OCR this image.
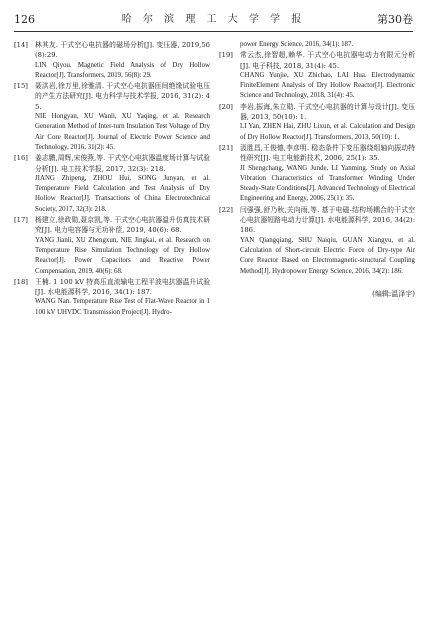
126	哈 尔 滨 理 工 大 学 学 报	第30卷
[14] 林其友. 干式空心电抗器的磁场分析[J]. 变压器, 2019,56(8):29.

LIN Qiyou. Magnetic Field Analysis of Dry Hollow Reactor[J]. Transformers, 2019, 56(8): 29.

[15] 聂洪岩,徐万里,徐雅清. 干式空心电抗器匝间绝缘试验电压的产生方法研究[J]. 电力科学与技术学报, 2016, 31(2): 45.

NIE Hongyan, XU Wanli, XU Yaqing, et al. Research Generation Method of Inter-turn Insulation Test Voltage of Dry Air Core Reactor[J]. Journal of Electric Power Science and Technology, 2016, 31(2): 45.

[16] 姜志鹏,周辉,宋俊燕,等. 干式空心电抗器温度场计算与试验分析[J]. 电工技术学报, 2017, 32(3): 218.

JIANG Zhipeng, ZHOU Hui, SONG Junyan, et al. Temperature Field Calculation and Test Analysis of Dry Hollow Reactor[J]. Transactions of China Electrotechnical Society, 2017, 32(3): 218.

[17] 杨建立,徐政勋,聂京凯,等. 干式空心电抗器温升仿真技术研究[J]. 电力电容器与无功补偿, 2019, 40(6): 68.

YANG Jianli, XU Zhengxun, NIE Jingkai, et al. Research on Temperature Rise Simulation Technology of Dry Hollow Reactor[J]. Power Capacitors and Reactive Power Compensation, 2019, 40(6): 68.

[18] 王楠. 1 100 kV 特高压直流输电工程平波电抗器温升试验[J]. 水电能源科学, 2016, 34(1): 187.

WANG Nan. Temperature Rise Test of Flat-Wave Reactor in 1 100 kV UHVDC Transmission Project[J]. Hydro-

power Energy Science, 2016, 34(1): 187.

[19] 常云杰,徐智超,赖华. 干式空心电抗器电动力有限元分析[J]. 电子科技, 2018, 31(4): 45.

CHANG Yunjie, XU Zhichao, LAI Hua. Electrodynamic FiniteElement Analysis of Dry Hollow Reactor[J]. Electronic Science and Technology, 2018, 31(4): 45.

[20] 李岩,振海,朱立勋. 干式空心电抗器的计算与设计[J]. 变压器, 2013, 50(10): 1.

LI Yan, ZHEN Hai, ZHU Lixun, et al. Calculation and Design of Dry Hollow Reactor[J]. Transformers, 2013, 50(10): 1.

[21] 汲胜昌,王俊德,李彦明. 稳态条件下变压器绕组轴向振动特性研究[J]. 电工电能新技术, 2006, 25(1): 35.

JI Shengchang, WANG Junde, LI Yanming. Study on Axial Vibration Characteristics of Transformer Winding Under Steady-State Conditions[J]. Advanced Technology of Electrical Engineering and Energy, 2006, 25(1): 35.

[22] 闫强强,舒乃秋,关向雨,等. 基于电磁-结构场耦合的干式空心电抗器短路电动力计算[J]. 水电能源科学, 2016, 34(2): 186.

YAN Qiangqiang, SHU Naiqiu, GUAN Xiangyu, et al. Calculation of Short-circuit Electric Force of Dry-type Air Core Reactor Based on Electromagnetic-structural Coupling Method[J]. Hydropower Energy Science, 2016, 34(2): 186.

(编辑:温泽宇)
